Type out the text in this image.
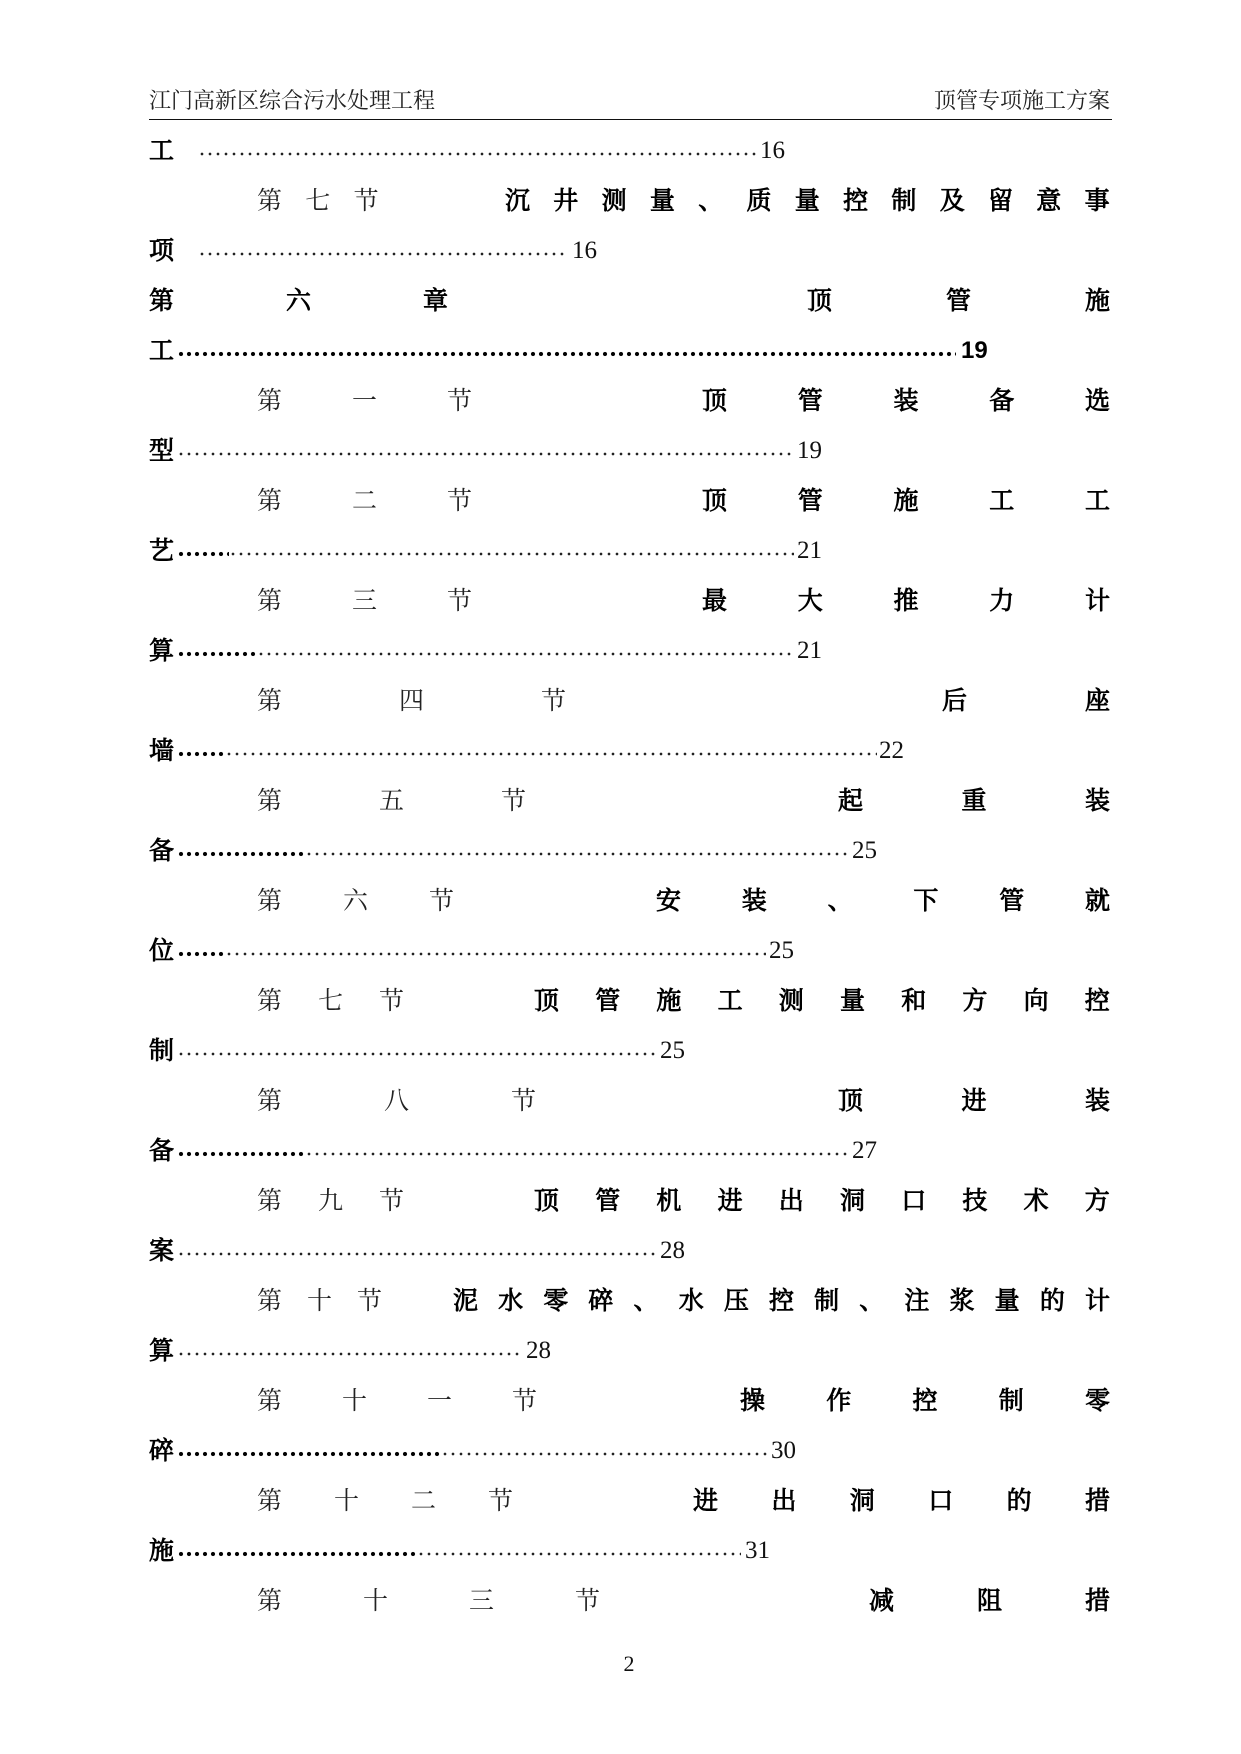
江门高新区综合污水处理工程	顶管专项施工方案
工	16
第七节	沉井测量、质量控制及留意事
项	16
第六章	顶管施
工	19
第一节	顶管装备选
型	19
第二节	顶管施工工
艺	21
第三节	最大推力计
算	21
第四节	后座
墙	22
第五节	起重装
备	25
第六节	安装、下管就
位	25
第七节	顶管施工测量和方向控
制	25
第八节	顶进装
备	27
第九节	顶管机进出洞口技术方
案	28
第十节 泥水零碎、水压控制、注浆量的计
算	28
第十一节	操作控制零
碎	30
第十二节	进出洞口的措
施	31
第十三节	减阻措
2
